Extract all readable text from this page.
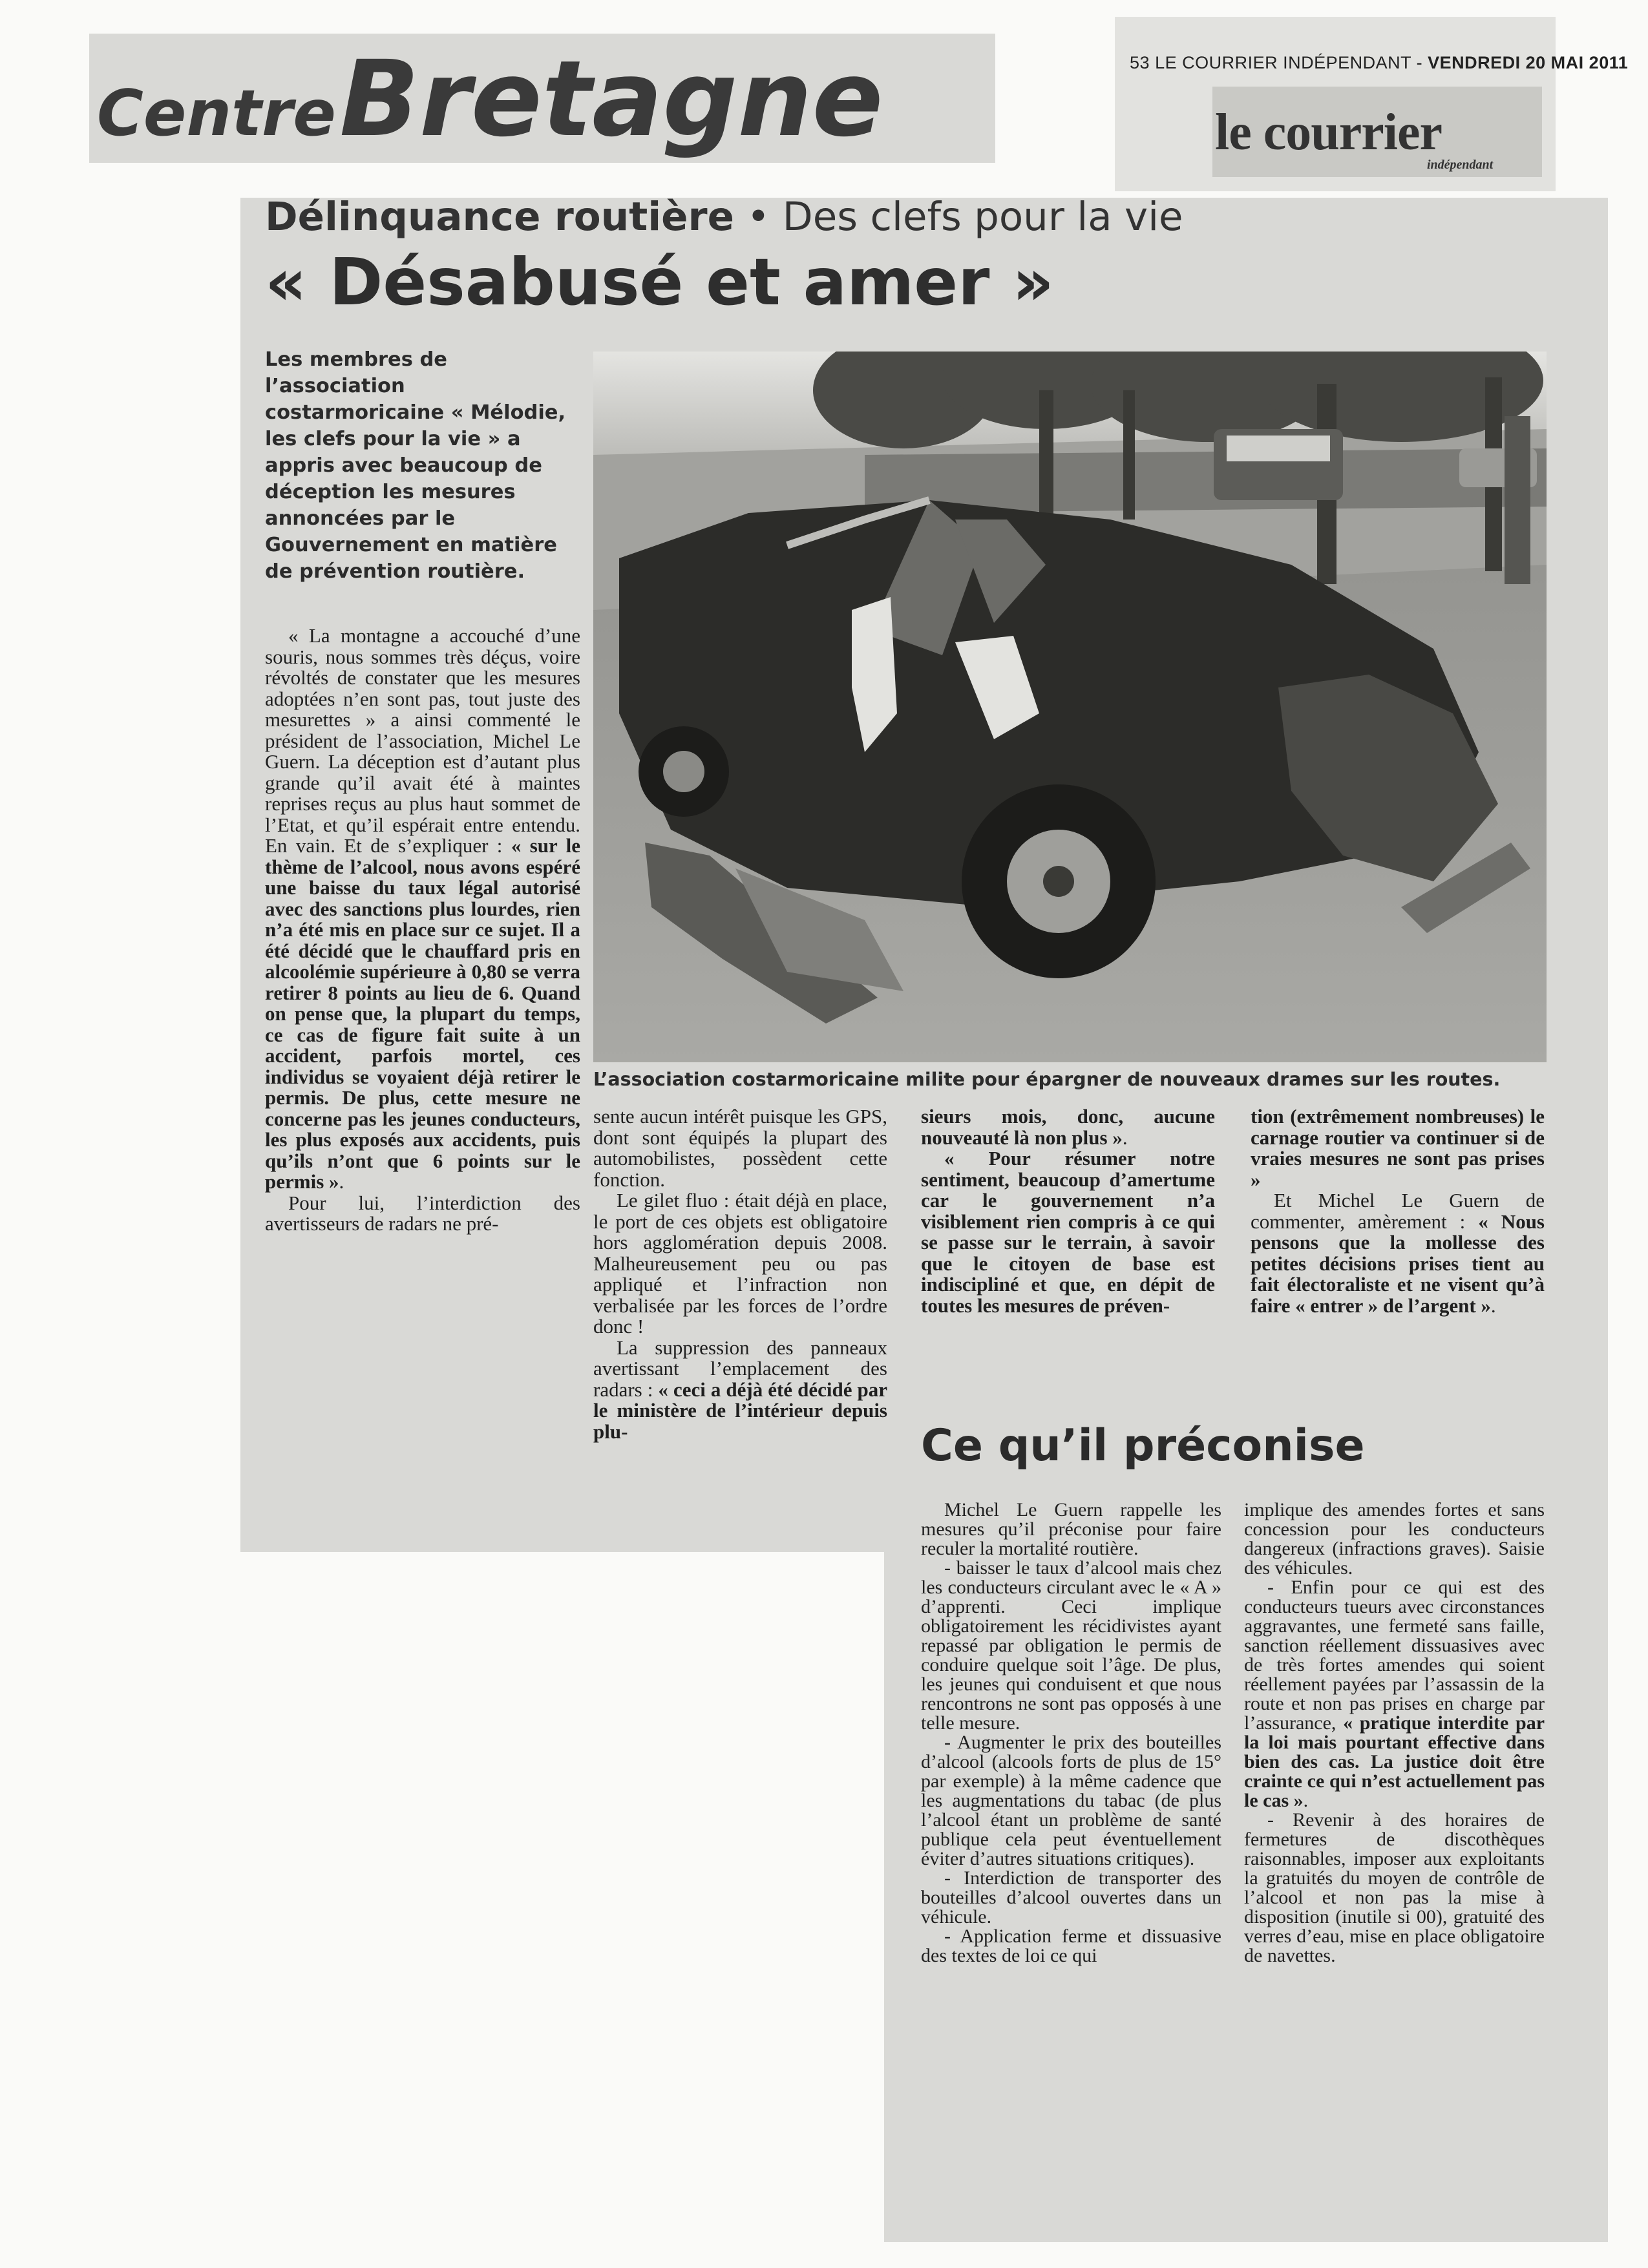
Centre Bretagne	53 LE COURRIER INDÉPENDANT - VENDREDI 20 MAI 2011
le courrier
indépendant
Délinquance routière • Des clefs pour la vie
« Désabusé et amer »
Les membres de l’association costarmoricaine « Mélodie, les clefs pour la vie » a appris avec beaucoup de déception les mesures annoncées par le Gouvernement en matière de prévention routière.
L’association costarmoricaine milite pour épargner de nouveaux drames sur les routes.

« La montagne a accouché d’une souris, nous sommes très déçus, voire révoltés de constater que les mesures adoptées n’en sont pas, tout juste des mesurettes » a ainsi commenté le président de l’association, Michel Le Guern. La déception est d’autant plus grande qu’il avait été à maintes reprises reçus au plus haut sommet de l’Etat, et qu’il espérait entre entendu. En vain. Et de s’expliquer : « sur le thème de l’alcool, nous avons espéré une baisse du taux légal autorisé avec des sanctions plus lourdes, rien n’a été mis en place sur ce sujet. Il a été décidé que le chauffard pris en alcoolémie supérieure à 0,80 se verra retirer 8 points au lieu de 6. Quand on pense que, la plupart du temps, ce cas de figure fait suite à un accident, parfois mortel, ces individus se voyaient déjà retirer le permis. De plus, cette mesure ne concerne pas les jeunes conducteurs, les plus exposés aux accidents, puis qu’ils n’ont que 6 points sur le permis ».

Pour lui, l’interdiction des avertisseurs de radars ne pré-

sente aucun intérêt puisque les GPS, dont sont équipés la plupart des automobilistes, possèdent cette fonction.

Le gilet fluo : était déjà en place, le port de ces objets est obligatoire hors agglomération depuis 2008. Malheureusement peu ou pas appliqué et l’infraction non verbalisée par les forces de l’ordre donc !

La suppression des panneaux avertissant l’emplacement des radars : « ceci a déjà été décidé par le ministère de l’intérieur depuis plu-

sieurs mois, donc, aucune nouveauté là non plus ».

« Pour résumer notre sentiment, beaucoup d’amertume car le gouvernement n’a visiblement rien compris à ce qui se passe sur le terrain, à savoir que le citoyen de base est indiscipliné et que, en dépit de toutes les mesures de préven-

tion (extrêmement nombreuses) le carnage routier va continuer si de vraies mesures ne sont pas prises »

Et Michel Le Guern de commenter, amèrement : « Nous pensons que la mollesse des petites décisions prises tient au fait électoraliste et ne visent qu’à faire « entrer » de l’argent ».

Ce qu’il préconise

Michel Le Guern rappelle les mesures qu’il préconise pour faire reculer la mortalité routière.

- baisser le taux d’alcool mais chez les conducteurs circulant avec le « A » d’apprenti. Ceci implique obligatoirement les récidivistes ayant repassé par obligation le permis de conduire quelque soit l’âge. De plus, les jeunes qui conduisent et que nous rencontrons ne sont pas opposés à une telle mesure.

- Augmenter le prix des bouteilles d’alcool (alcools forts de plus de 15° par exemple) à la même cadence que les augmentations du tabac (de plus l’alcool étant un problème de santé publique cela peut éventuellement éviter d’autres situations critiques).

- Interdiction de transporter des bouteilles d’alcool ouvertes dans un véhicule.

- Application ferme et dissuasive des textes de loi ce qui

implique des amendes fortes et sans concession pour les conducteurs dangereux (infractions graves). Saisie des véhicules.

- Enfin pour ce qui est des conducteurs tueurs avec circonstances aggravantes, une fermeté sans faille, sanction réellement dissuasives avec de très fortes amendes qui soient réellement payées par l’assassin de la route et non pas prises en charge par l’assurance, « pratique interdite par la loi mais pourtant effective dans bien des cas. La justice doit être crainte ce qui n’est actuellement pas le cas ».

- Revenir à des horaires de fermetures de discothèques raisonnables, imposer aux exploitants la gratuités du moyen de contrôle de l’alcool et non pas la mise à disposition (inutile si 00), gratuité des verres d’eau, mise en place obligatoire de navettes.
